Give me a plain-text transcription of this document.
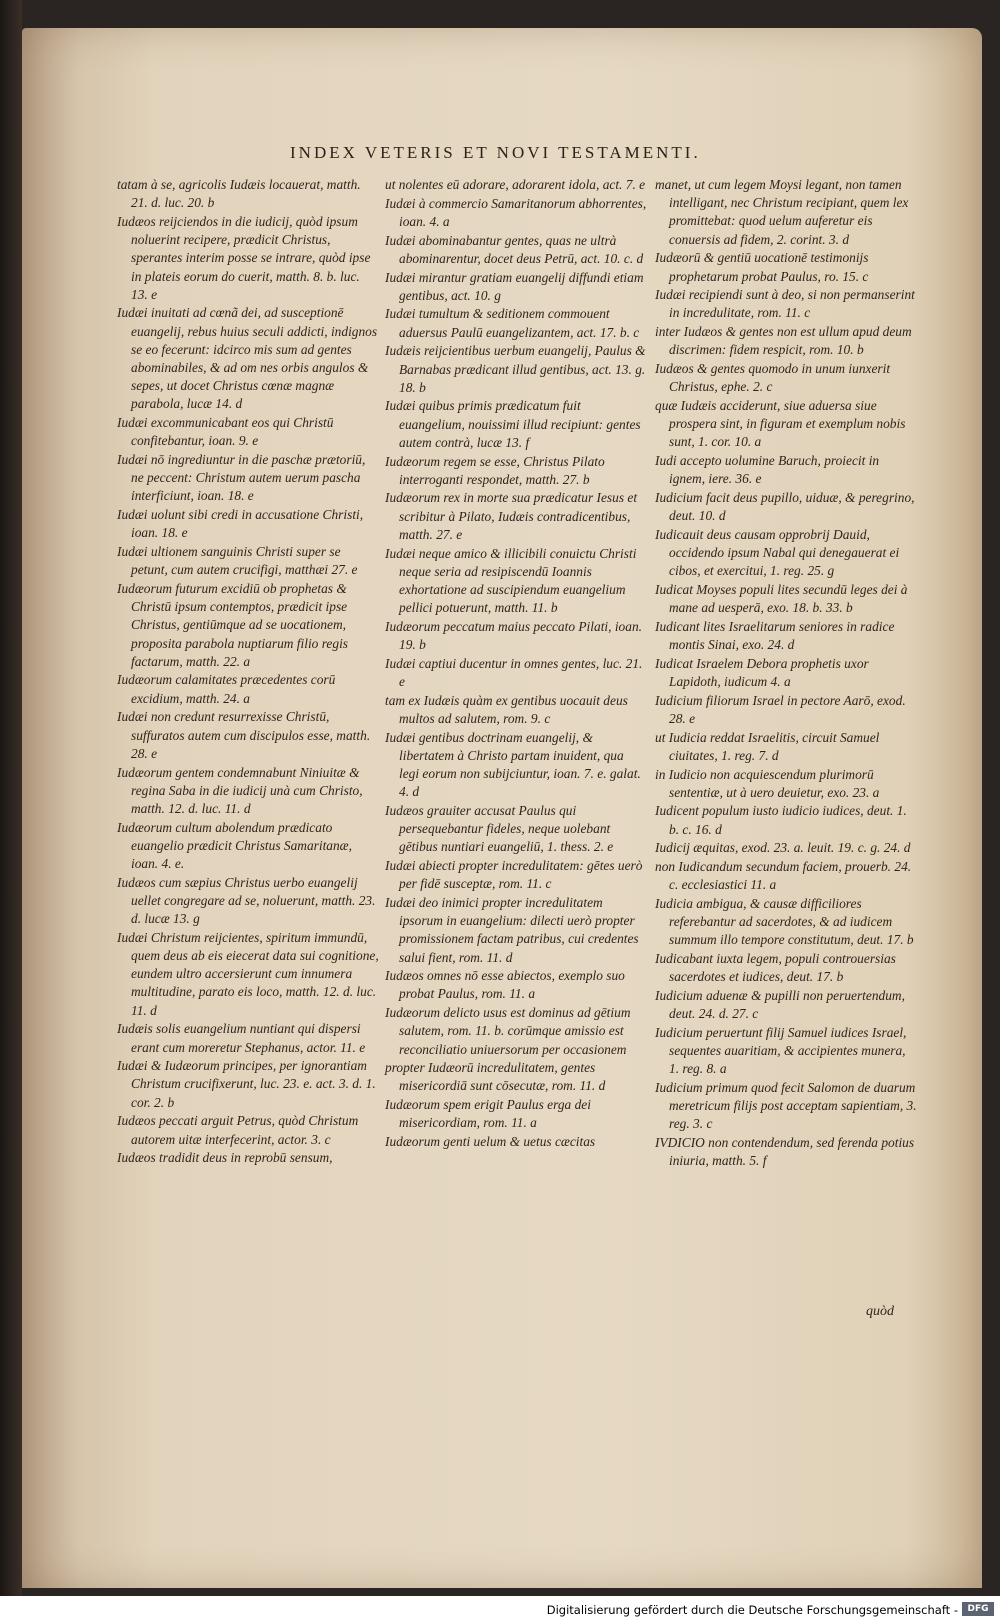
INDEX VETERIS ET NOVI TESTAMENTI.
tatam à se, agricolis Iudæis locauerat, matth. 21. d. luc. 20. b
Iudæos reijciendos in die iudicij, quòd ipsum noluerint recipere, prædicit Christus, sperantes interim posse se intrare, quòd ipse in plateis eorum do cuerit, matth. 8. b. luc. 13. e
Iudæi inuitati ad cœnã dei, ad susceptionē euangelij, rebus huius seculi addicti, indignos se eo fecerunt: idcirco mis sum ad gentes abominabiles, & ad om nes orbis angulos & sepes, ut docet Christus cœnæ magnæ parabola, lucæ 14. d
Iudæi excommunicabant eos qui Christū confitebantur, ioan. 9. e
Iudæi nō ingrediuntur in die paschæ prætoriū, ne peccent: Christum autem uerum pascha interficiunt, ioan. 18. e
Iudæi uolunt sibi credi in accusatione Christi, ioan. 18. e
Iudæi ultionem sanguinis Christi super se petunt, cum autem crucifigi, matthæi 27. e
Iudæorum futurum excidiū ob prophetas & Christū ipsum contemptos, prædicit ipse Christus, gentiūmque ad se uocationem, proposita parabola nuptiarum filio regis factarum, matth. 22. a
Iudæorum calamitates præcedentes corū excidium, matth. 24. a
Iudæi non credunt resurrexisse Christū, suffuratos autem cum discipulos esse, matth. 28. e
Iudæorum gentem condemnabunt Niniuitæ & regina Saba in die iudicij unà cum Christo, matth. 12. d. luc. 11. d
Iudæorum cultum abolendum prædicato euangelio prædicit Christus Samaritanæ, ioan. 4. e.
Iudæos cum sæpius Christus uerbo euangelij uellet congregare ad se, noluerunt, matth. 23. d. lucæ 13. g
Iudæi Christum reijcientes, spiritum immundū, quem deus ab eis eiecerat data sui cognitione, eundem ultro accersierunt cum innumera multitudine, parato eis loco, matth. 12. d. luc. 11. d
Iudæis solis euangelium nuntiant qui dispersi erant cum moreretur Stephanus, actor. 11. e
Iudæi & Iudæorum principes, per ignorantiam Christum crucifixerunt, luc. 23. e. act. 3. d. 1. cor. 2. b
Iudæos peccati arguit Petrus, quòd Christum autorem uitæ interfecerint, actor. 3. c
Iudæos tradidit deus in reprobū sensum,
ut nolentes eū adorare, adorarent idola, act. 7. e
Iudæi à commercio Samaritanorum abhorrentes, ioan. 4. a
Iudæi abominabantur gentes, quas ne ultrà abominarentur, docet deus Petrū, act. 10. c. d
Iudæi mirantur gratiam euangelij diffundi etiam gentibus, act. 10. g
Iudæi tumultum & seditionem commouent aduersus Paulū euangelizantem, act. 17. b. c
Iudæis reijcientibus uerbum euangelij, Paulus & Barnabas prædicant illud gentibus, act. 13. g. 18. b
Iudæi quibus primis prædicatum fuit euangelium, nouissimi illud recipiunt: gentes autem contrà, lucæ 13. f
Iudæorum regem se esse, Christus Pilato interroganti respondet, matth. 27. b
Iudæorum rex in morte sua prædicatur Iesus et scribitur à Pilato, Iudæis contradicentibus, matth. 27. e
Iudæi neque amico & illicibili conuictu Christi neque seria ad resipiscendū Ioannis exhortatione ad suscipiendum euangelium pellici potuerunt, matth. 11. b
Iudæorum peccatum maius peccato Pilati, ioan. 19. b
Iudæi captiui ducentur in omnes gentes, luc. 21. e
tam ex Iudæis quàm ex gentibus uocauit deus multos ad salutem, rom. 9. c
Iudæi gentibus doctrinam euangelij, & libertatem à Christo partam inuident, qua legi eorum non subijciuntur, ioan. 7. e. galat. 4. d
Iudæos grauiter accusat Paulus qui persequebantur fideles, neque uolebant gētibus nuntiari euangeliū, 1. thess. 2. e
Iudæi abiecti propter incredulitatem: gētes uerò per fidē susceptæ, rom. 11. c
Iudæi deo inimici propter incredulitatem ipsorum in euangelium: dilecti uerò propter promissionem factam patribus, cui credentes salui fient, rom. 11. d
Iudæos omnes nō esse abiectos, exemplo suo probat Paulus, rom. 11. a
Iudæorum delicto usus est dominus ad gētium salutem, rom. 11. b. corūmque amissio est reconciliatio uniuersorum per occasionem
propter Iudæorū incredulitatem, gentes misericordiā sunt cōsecutæ, rom. 11. d
Iudæorum spem erigit Paulus erga dei misericordiam, rom. 11. a
Iudæorum genti uelum & uetus cæcitas
manet, ut cum legem Moysi legant, non tamen intelligant, nec Christum recipiant, quem lex promittebat: quod uelum auferetur eis conuersis ad fidem, 2. corint. 3. d
Iudæorū & gentiū uocationē testimonijs prophetarum probat Paulus, ro. 15. c
Iudæi recipiendi sunt à deo, si non permanserint in incredulitate, rom. 11. c
inter Iudæos & gentes non est ullum apud deum discrimen: fidem respicit, rom. 10. b
Iudæos & gentes quomodo in unum iunxerit Christus, ephe. 2. c
quæ Iudæis acciderunt, siue aduersa siue prospera sint, in figuram et exemplum nobis sunt, 1. cor. 10. a
Iudi accepto uolumine Baruch, proiecit in ignem, iere. 36. e
Iudicium facit deus pupillo, uiduæ, & peregrino, deut. 10. d
Iudicauit deus causam opprobrij Dauid, occidendo ipsum Nabal qui denegauerat ei cibos, et exercitui, 1. reg. 25. g
Iudicat Moyses populi lites secundū leges dei à mane ad uesperā, exo. 18. b. 33. b
Iudicant lites Israelitarum seniores in radice montis Sinai, exo. 24. d
Iudicat Israelem Debora prophetis uxor Lapidoth, iudicum 4. a
Iudicium filiorum Israel in pectore Aarō, exod. 28. e
ut Iudicia reddat Israelitis, circuit Samuel ciuitates, 1. reg. 7. d
in Iudicio non acquiescendum plurimorū sententiæ, ut à uero deuietur, exo. 23. a
Iudicent populum iusto iudicio iudices, deut. 1. b. c. 16. d
Iudicij æquitas, exod. 23. a. leuit. 19. c. g. 24. d
non Iudicandum secundum faciem, prouerb. 24. c. ecclesiastici 11. a
Iudicia ambigua, & causæ difficiliores referebantur ad sacerdotes, & ad iudicem summum illo tempore constitutum, deut. 17. b
Iudicabant iuxta legem, populi controuersias sacerdotes et iudices, deut. 17. b
Iudicium aduenæ & pupilli non peruertendum, deut. 24. d. 27. c
Iudicium peruertunt filij Samuel iudices Israel, sequentes auaritiam, & accipientes munera, 1. reg. 8. a
Iudicium primum quod fecit Salomon de duarum meretricum filijs post acceptam sapientiam, 3. reg. 3. c
IVDICIO non contendendum, sed ferenda potius iniuria, matth. 5. f
quòd
Digitalisierung gefördert durch die Deutsche Forschungsgemeinschaft -	DFG
